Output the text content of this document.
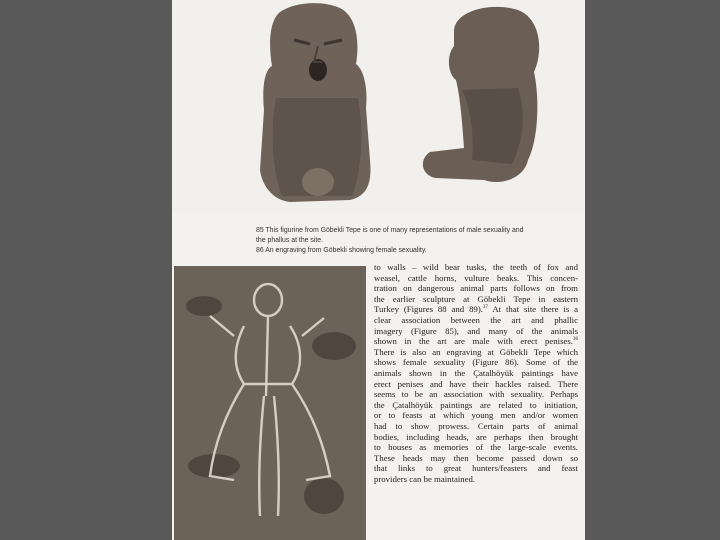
85 This figurine from Göbekli Tepe is one of many representations of male sexuality and
the phallus at the site.
86 An engraving from Göbekli showing female sexuality.
to walls – wild bear tusks, the teeth of fox and
weasel, cattle horns, vulture beaks. This concen-
tration on dangerous animal parts follows on from
the earlier sculpture at Göbekli Tepe in eastern
Turkey (Figures 88 and 89).$^{37}$ At that site there is a
clear association between the art and phallic
imagery (Figure 85), and many of the animals
shown in the art are male with erect penises.$^{36}$
There is also an engraving at Göbekli Tepe which
shows female sexuality (Figure 86). Some of the
animals shown in the Çatalhöyük paintings have
erect penises and have their hackles raised. There
seems to be an association with sexuality. Perhaps
the Çatalhöyük paintings are related to initiation,
or to feasts at which young men and/or women
had to show prowess. Certain parts of animal
bodies, including heads, are perhaps then brought
to houses as memories of the large-scale events.
These heads may then become passed down so
that links to great hunters/feasters and feast
providers can be maintained.
